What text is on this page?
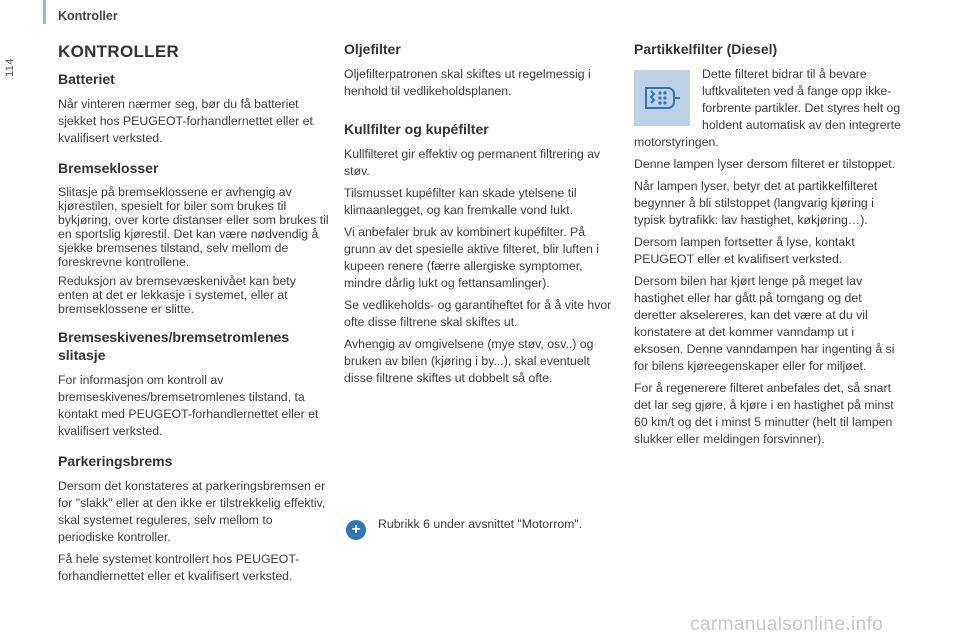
Kontroller
114
KONTROLLER
Batteriet

Når vinteren nærmer seg, bør du få batteriet sjekket hos PEUGEOT-forhandlernettet eller et kvalifisert verksted.

Bremseklosser

Slitasje på bremseklossene er avhengig av kjørestilen, spesielt for biler som brukes til bykjøring, over korte distanser eller som brukes til en sportslig kjørestil. Det kan være nødvendig å sjekke bremsenes tilstand, selv mellom de foreskrevne kontrollene.

Reduksjon av bremsevæskenivået kan bety enten at det er lekkasje i systemet, eller at bremseklossene er slitte.

Bremseskivenes/bremsetromlenes slitasje

For informasjon om kontroll av bremseskivenes/bremsetromlenes tilstand, ta kontakt med PEUGEOT-forhandlernettet eller et kvalifisert verksted.

Parkeringsbrems

Dersom det konstateres at parkeringsbremsen er for "slakk" eller at den ikke er tilstrekkelig effektiv, skal systemet reguleres, selv mellom to periodiske kontroller.

Få hele systemet kontrollert hos PEUGEOT-forhandlernettet eller et kvalifisert verksted.

Oljefilter

Oljefilterpatronen skal skiftes ut regelmessig i henhold til vedlikeholdsplanen.

Kullfilter og kupéfilter

Kullfilteret gir effektiv og permanent filtrering av støv.

Tilsmusset kupéfilter kan skade ytelsene til klimaanlegget, og kan fremkalle vond lukt.

Vi anbefaler bruk av kombinert kupéfilter. På grunn av det spesielle aktive filteret, blir luften i kupeen renere (færre allergiske symptomer, mindre dårlig lukt og fettansamlinger).

Se vedlikeholds- og garantiheftet for å å vite hvor ofte disse filtrene skal skiftes ut.

Avhengig av omgivelsene (mye støv, osv..) og bruken av bilen (kjøring i by...), skal eventuelt disse filtrene skiftes ut dobbelt så ofte.

+	Rubrikk 6 under avsnittet "Motorrom".

Partikkelfilter (Diesel)

Dette filteret bidrar til å bevare luftkvaliteten ved å fange opp ikke-forbrente partikler. Det styres helt og holdent automatisk av den integrerte motorstyringen.

Denne lampen lyser dersom filteret er tilstoppet.

Når lampen lyser, betyr det at partikkelfilteret begynner å bli stilstoppet (langvarig kjøring i typisk bytrafikk: lav hastighet, køkjøring…).

Dersom lampen fortsetter å lyse, kontakt PEUGEOT eller et kvalifisert verksted.

Dersom bilen har kjørt lenge på meget lav hastighet eller har gått på tomgang og det deretter akselereres, kan det være at du vil konstatere at det kommer vanndamp ut i eksosen. Denne vanndampen har ingenting å si for bilens kjøreegenskaper eller for miljøet.

For å regenerere filteret anbefales det, så snart det lar seg gjøre, å kjøre i en hastighet på minst 60 km/t og det i minst 5 minutter (helt til lampen slukker eller meldingen forsvinner).

carmanualsonline.info
